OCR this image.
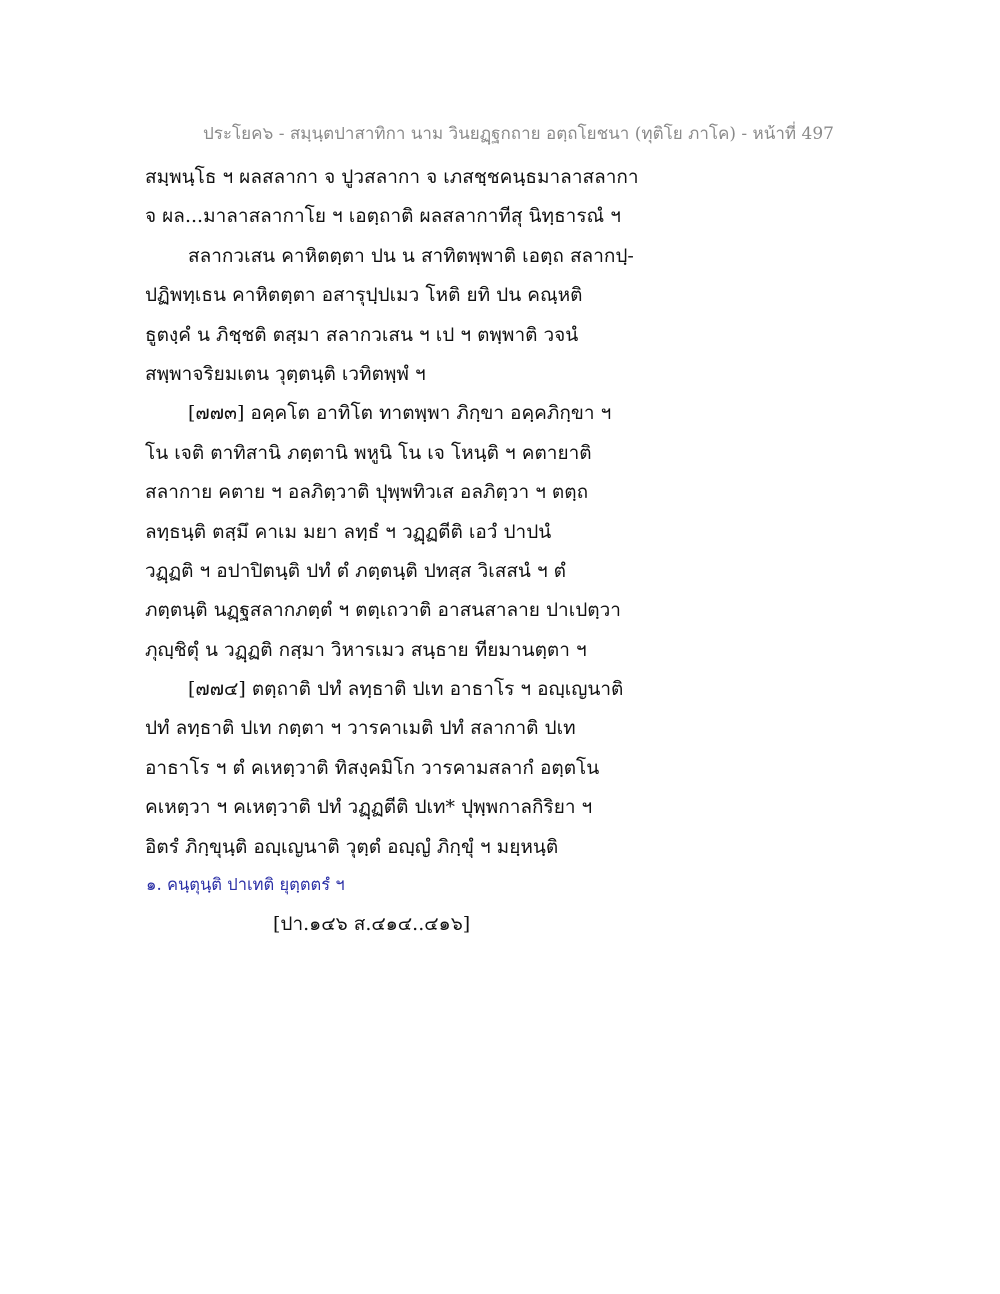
ประโยค๖ - สมฺนฺตปาสาทิกา นาม วินยฏฺฐกถาย อตฺถโยชนา (ทุติโย ภาโค) - หน้าที่ 497
สมฺพนฺโธ ฯ ผลสลากา จ ปูวสลากา จ เภสชฺชคนฺธมาลาสลากา
จ ผล...มาลาสลากาโย ฯ เอตฺถาติ ผลสลากาทีสุ นิทฺธารณํ ฯ
สลากวเสน คาหิตตฺตา ปน น สาทิตพฺพาติ เอตฺถ สลากปฺ-
ปฏิพทฺเธน คาหิตตฺตา อสารุปฺปเมว โหติ ยทิ ปน คณฺหติ
ธูตงฺคํ น ภิชฺชติ ตสฺมา สลากวเสน ฯ เป ฯ ตพฺพาติ วจนํ
สพฺพาจริยมเตน วุตฺตนฺติ เวทิตพฺพํ ฯ
[๗๗๓] อคฺคโต อาทิโต ทาตพฺพา ภิกฺขา อคฺคภิกฺขา ฯ
โน เจติ ตาทิสานิ ภตฺตานิ พหูนิ โน เจ โหนฺติ ฯ คตายาติ
สลากาย คตาย ฯ อลภิตฺวาติ ปุพฺพทิวเส อลภิตฺวา ฯ ตตฺถ
ลทฺธนฺติ ตสฺมึ คาเม มยา ลทฺธํ ฯ วฏฺฏตีติ เอวํ ปาปนํ
วฏฺฏติ ฯ อปาปิตนฺติ ปทํ ตํ ภตฺตนฺติ ปทสฺส วิเสสนํ ฯ ตํ
ภตฺตนฺติ นฏฺฐสลากภตฺตํ ฯ ตตฺเถวาติ อาสนสาลาย ปาเปตฺวา
ภุญฺชิตุํ น วฏฺฏติ กสฺมา วิหารเมว สนฺธาย ทียมานตฺตา ฯ
[๗๗๔] ตตฺถาติ ปทํ ลทฺธาติ ปเท อาธาโร ฯ อญฺเญนาติ
ปทํ ลทฺธาติ ปเท กตฺตา ฯ วารคาเมติ ปทํ สลากาติ ปเท
อาธาโร ฯ ตํ คเหตฺวาติ ทิสงฺคมิโก วารคามสลากํ อตฺตโน
คเหตฺวา ฯ คเหตฺวาติ ปทํ วฏฺฏตีติ ปเท* ปุพฺพกาลกิริยา ฯ
อิตรํ ภิกฺขุนฺติ อญฺเญนาติ วุตฺตํ อญฺญํ ภิกฺขุํ ฯ มยฺหนฺติ
๑. คนฺตุนฺติ ปาเทติ ยุตฺตตรํ ฯ
[ปา.๑๔๖ ส.๔๑๔..๔๑๖]
